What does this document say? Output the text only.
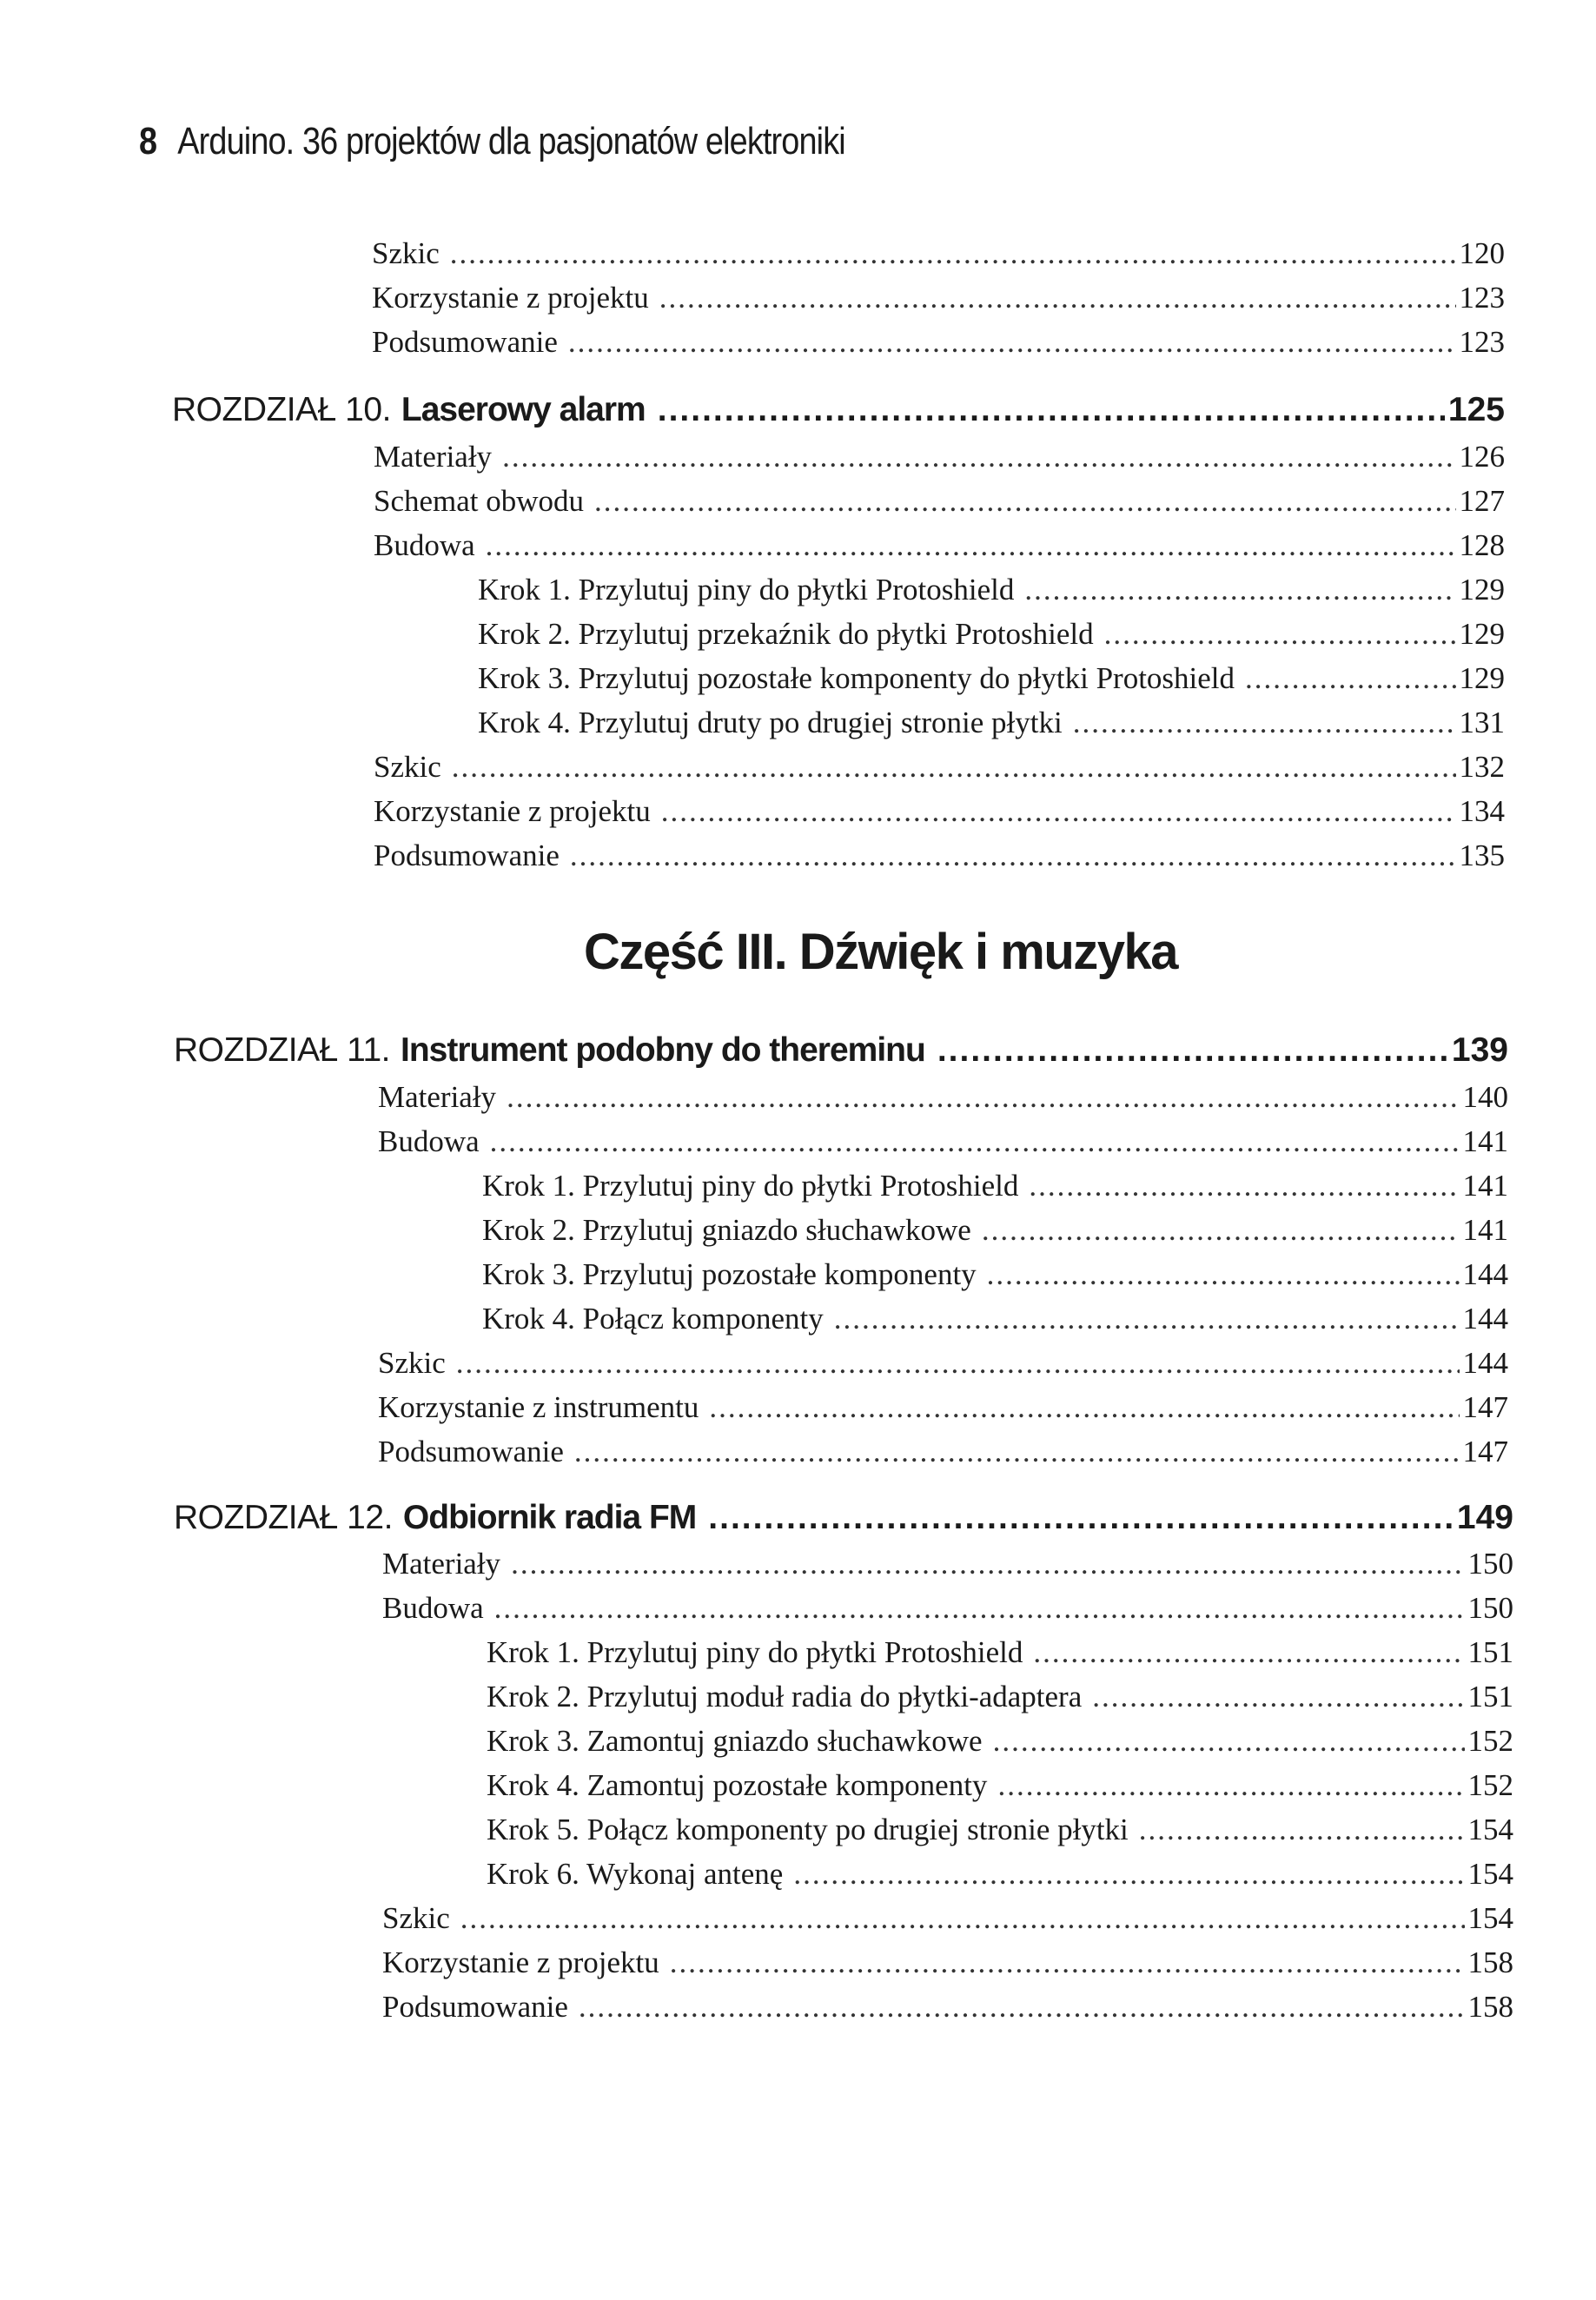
8 Arduino. 36 projektów dla pasjonatów elektroniki
Szkic .....	120
Korzystanie z projektu .....	123
Podsumowanie .....	123
ROZDZIAŁ 10. Laserowy alarm .....	125
Materiały .....	126
Schemat obwodu .....	127
Budowa .....	128
Krok 1. Przylutuj piny do płytki Protoshield .....	129
Krok 2. Przylutuj przekaźnik do płytki Protoshield .....	129
Krok 3. Przylutuj pozostałe komponenty do płytki Protoshield .....	129
Krok 4. Przylutuj druty po drugiej stronie płytki .....	131
Szkic .....	132
Korzystanie z projektu .....	134
Podsumowanie .....	135
Część III. Dźwięk i muzyka
ROZDZIAŁ 11. Instrument podobny do thereminu .....	139
Materiały .....	140
Budowa .....	141
Krok 1. Przylutuj piny do płytki Protoshield .....	141
Krok 2. Przylutuj gniazdo słuchawkowe .....	141
Krok 3. Przylutuj pozostałe komponenty .....	144
Krok 4. Połącz komponenty .....	144
Szkic .....	144
Korzystanie z instrumentu .....	147
Podsumowanie .....	147
ROZDZIAŁ 12. Odbiornik radia FM .....	149
Materiały .....	150
Budowa .....	150
Krok 1. Przylutuj piny do płytki Protoshield .....	151
Krok 2. Przylutuj moduł radia do płytki-adaptera .....	151
Krok 3. Zamontuj gniazdo słuchawkowe .....	152
Krok 4. Zamontuj pozostałe komponenty .....	152
Krok 5. Połącz komponenty po drugiej stronie płytki .....	154
Krok 6. Wykonaj antenę .....	154
Szkic .....	154
Korzystanie z projektu .....	158
Podsumowanie .....	158
